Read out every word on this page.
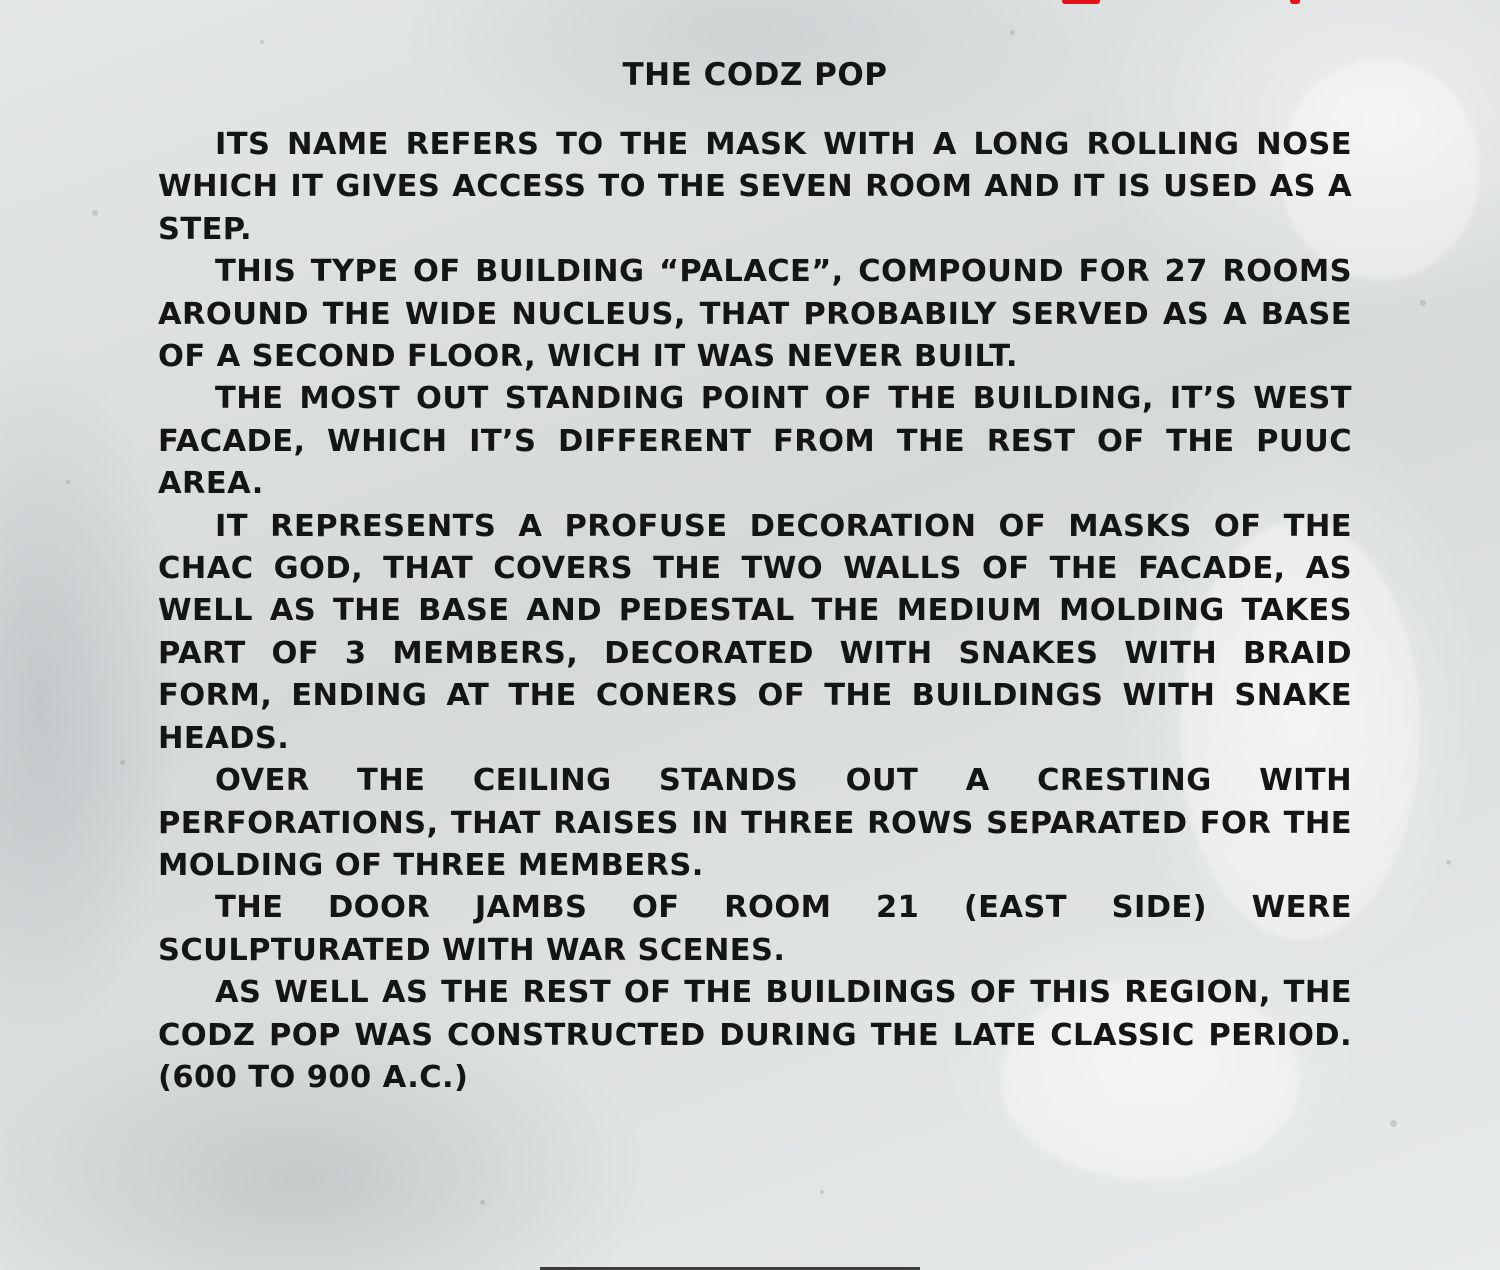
THE CODZ POP

ITS NAME REFERS TO THE MASK WITH A LONG ROLLING NOSE WHICH IT GIVES ACCESS TO THE SEVEN ROOM AND IT IS USED AS A STEP.

THIS TYPE OF BUILDING “PALACE”, COMPOUND FOR 27 ROOMS AROUND THE WIDE NUCLEUS, THAT PROBABILY SERVED AS A BASE OF A SECOND FLOOR, WICH IT WAS NEVER BUILT.

THE MOST OUT STANDING POINT OF THE BUILDING, IT’S WEST FACADE, WHICH IT’S DIFFERENT FROM THE REST OF THE PUUC AREA.

IT REPRESENTS A PROFUSE DECORATION OF MASKS OF THE CHAC GOD, THAT COVERS THE TWO WALLS OF THE FACADE, AS WELL AS THE BASE AND PEDESTAL THE MEDIUM MOLDING TAKES PART OF 3 MEMBERS, DECORATED WITH SNAKES WITH BRAID FORM, ENDING AT THE CONERS OF THE BUILDINGS WITH SNAKE HEADS.

OVER THE CEILING STANDS OUT A CRESTING WITH PERFORATIONS, THAT RAISES IN THREE ROWS SEPARATED FOR THE MOLDING OF THREE MEMBERS.

THE DOOR JAMBS OF ROOM 21 (EAST SIDE) WERE SCULPTURATED WITH WAR SCENES.

AS WELL AS THE REST OF THE BUILDINGS OF THIS REGION, THE CODZ POP WAS CONSTRUCTED DURING THE LATE CLASSIC PERIOD. (600 TO 900 A.C.)
